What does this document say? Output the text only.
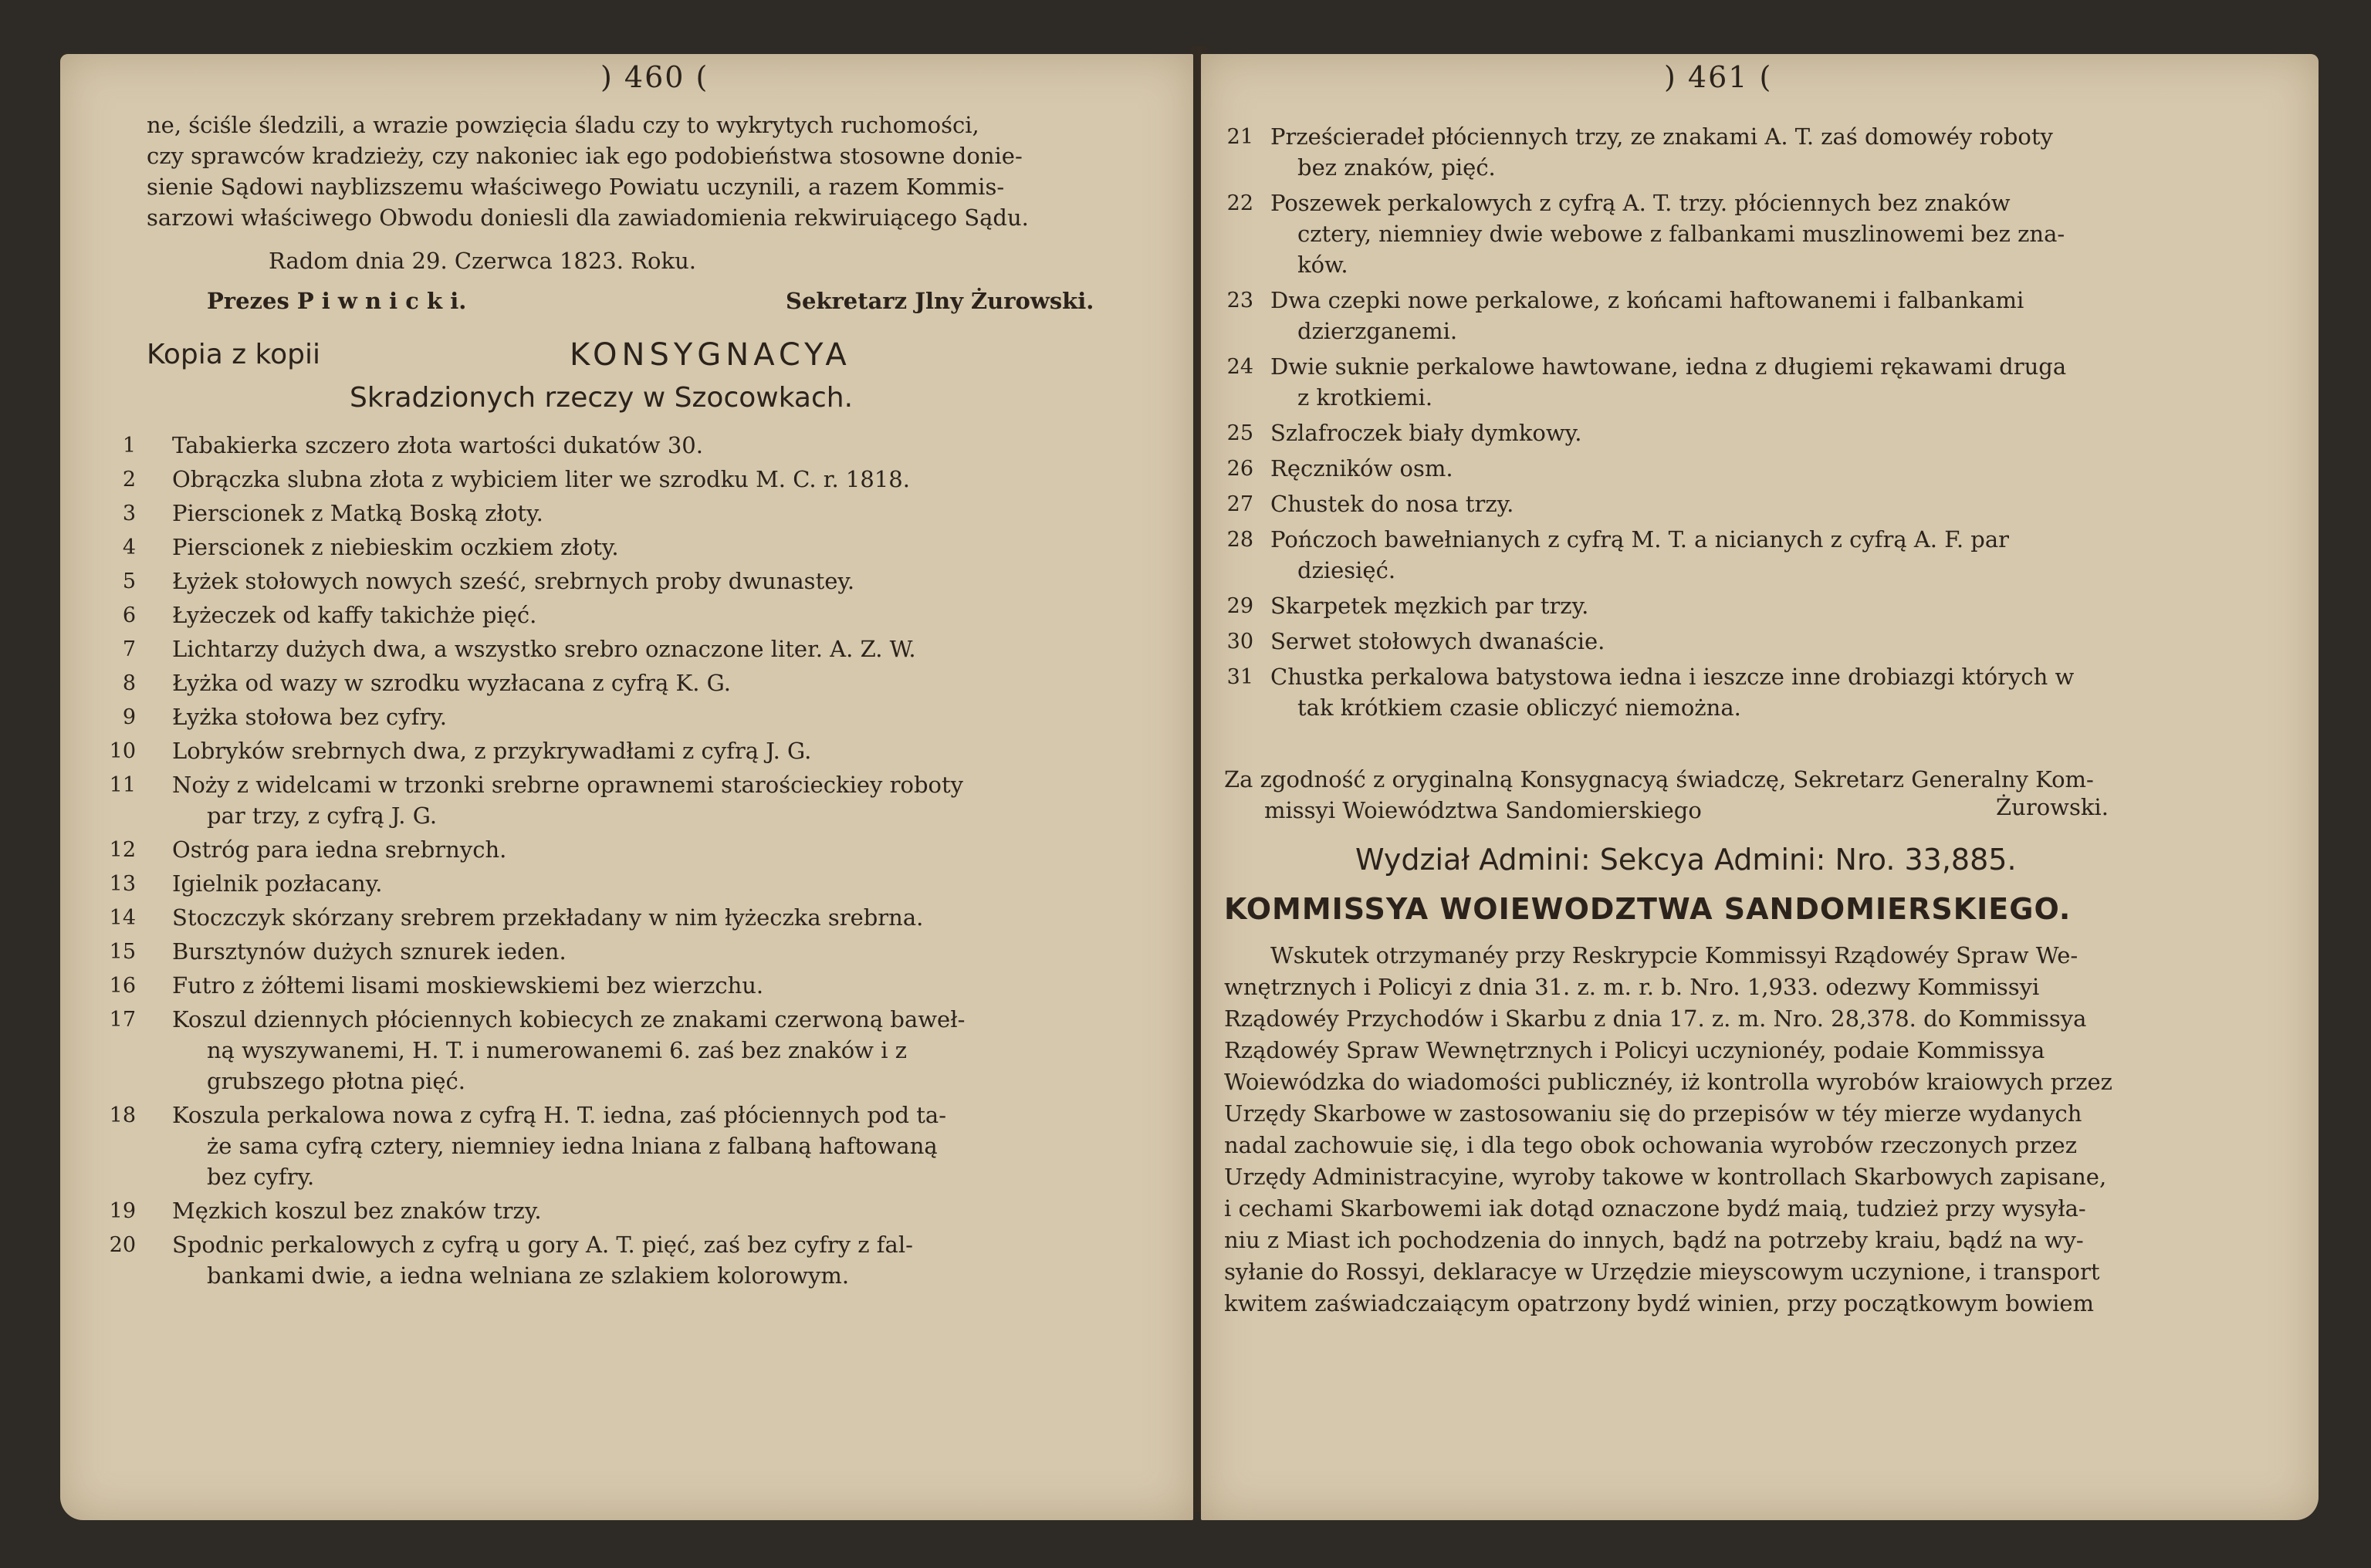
) 460 (
ne, ściśle śledzili, a wrazie powzięcia śladu czy to wykrytych ruchomości,
czy sprawców kradzieży, czy nakoniec iak ego podobieństwa stosowne donie-
sienie Sądowi nayblizszemu właściwego Powiatu uczynili, a razem Kommis-
sarzowi właściwego Obwodu doniesli dla zawiadomienia rekwiruiącego Sądu.
Radom dnia 29. Czerwca 1823. Roku.
Prezes P i w n i c k i.	Sekretarz Jlny Żurowski.
Kopia z kopii	KONSYGNACYA
Skradzionych rzeczy w Szocowkach.
1 Tabakierka szczero złota wartości dukatów 30.
2 Obrączka slubna złota z wybiciem liter we szrodku M. C. r. 1818.
3 Pierscionek z Matką Boską złoty.
4 Pierscionek z niebieskim oczkiem złoty.
5 Łyżek stołowych nowych sześć, srebrnych proby dwunastey.
6 Łyżeczek od kaffy takichże pięć.
7 Lichtarzy dużych dwa, a wszystko srebro oznaczone liter. A. Z. W.
8 Łyżka od wazy w szrodku wyzłacana z cyfrą K. G.
9 Łyżka stołowa bez cyfry.
10 Lobryków srebrnych dwa, z przykrywadłami z cyfrą J. G.
11 Noży z widelcami w trzonki srebrne oprawnemi starościeckiey roboty
par trzy, z cyfrą J. G.
12 Ostróg para iedna srebrnych.
13 Igielnik pozłacany.
14 Stoczczyk skórzany srebrem przekładany w nim łyżeczka srebrna.
15 Bursztynów dużych sznurek ieden.
16 Futro z żółtemi lisami moskiewskiemi bez wierzchu.
17 Koszul dziennych płóciennych kobiecych ze znakami czerwoną baweł-
ną wyszywanemi, H. T. i numerowanemi 6. zaś bez znaków i z
grubszego płotna pięć.
18 Koszula perkalowa nowa z cyfrą H. T. iedna, zaś płóciennych pod ta-
że sama cyfrą cztery, niemniey iedna lniana z falbaną haftowaną
bez cyfry.
19 Męzkich koszul bez znaków trzy.
20 Spodnic perkalowych z cyfrą u gory A. T. pięć, zaś bez cyfry z fal-
bankami dwie, a iedna welniana ze szlakiem kolorowym.
) 461 (
21 Prześcieradeł płóciennych trzy, ze znakami A. T. zaś domowéy roboty
bez znaków, pięć.
22 Poszewek perkalowych z cyfrą A. T. trzy. płóciennych bez znaków
cztery, niemniey dwie webowe z falbankami muszlinowemi bez zna-
ków.
23 Dwa czepki nowe perkalowe, z końcami haftowanemi i falbankami
dzierzganemi.
24 Dwie suknie perkalowe hawtowane, iedna z długiemi rękawami druga
z krotkiemi.
25 Szlafroczek biały dymkowy.
26 Ręczników osm.
27 Chustek do nosa trzy.
28 Pończoch bawełnianych z cyfrą M. T. a nicianych z cyfrą A. F. par
dziesięć.
29 Skarpetek męzkich par trzy.
30 Serwet stołowych dwanaście.
31 Chustka perkalowa batystowa iedna i ieszcze inne drobiazgi których w
tak krótkiem czasie obliczyć niemożna.
Za zgodność z oryginalną Konsygnacyą świadczę, Sekretarz Generalny Kom-
missyi Woiewództwa Sandomierskiego	Żurowski.
Wydział Admini: Sekcya Admini: Nro. 33,885.
KOMMISSYA WOIEWODZTWA SANDOMIERSKIEGO.
Wskutek otrzymanéy przy Reskrypcie Kommissyi Rządowéy Spraw We-
wnętrznych i Policyi z dnia 31. z. m. r. b. Nro. 1,933. odezwy Kommissyi
Rządowéy Przychodów i Skarbu z dnia 17. z. m. Nro. 28,378. do Kommissya
Rządowéy Spraw Wewnętrznych i Policyi uczynionéy, podaie Kommissya
Woiewódzka do wiadomości publicznéy, iż kontrolla wyrobów kraiowych przez
Urzędy Skarbowe w zastosowaniu się do przepisów w téy mierze wydanych
nadal zachowuie się, i dla tego obok ochowania wyrobów rzeczonych przez
Urzędy Administracyine, wyroby takowe w kontrollach Skarbowych zapisane,
i cechami Skarbowemi iak dotąd oznaczone bydź maią, tudzież przy wysyła-
niu z Miast ich pochodzenia do innych, bądź na potrzeby kraiu, bądź na wy-
syłanie do Rossyi, deklaracye w Urzędzie mieyscowym uczynione, i transport
kwitem zaświadczaiącym opatrzony bydź winien, przy początkowym bowiem
